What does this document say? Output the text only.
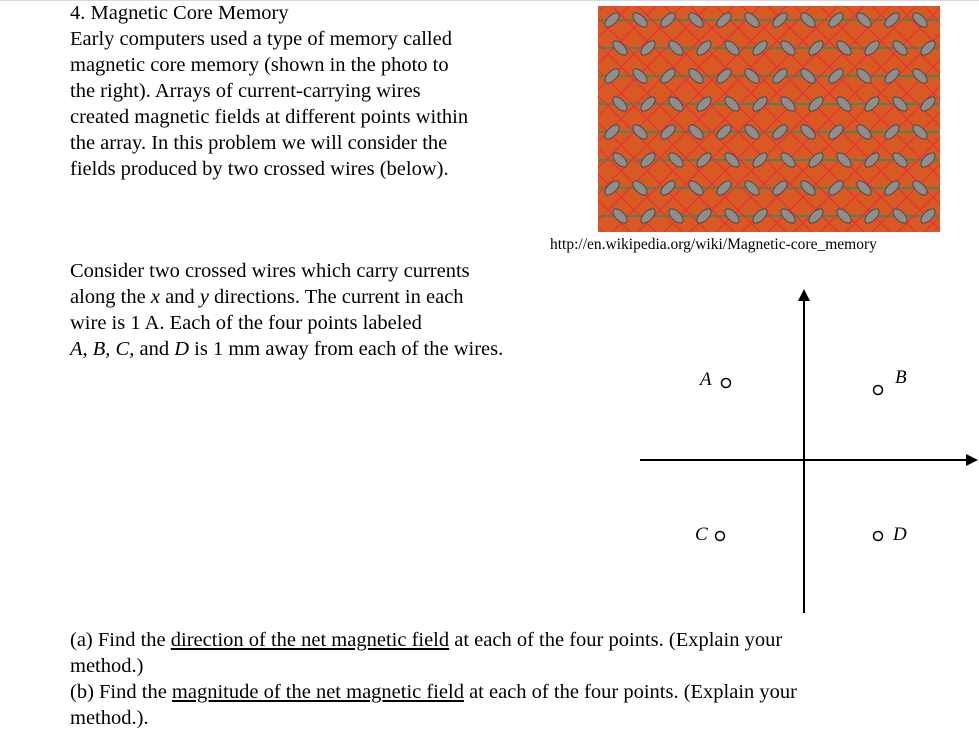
4. Magnetic Core Memory
Early computers used a type of memory called
magnetic core memory (shown in the photo to
the right). Arrays of current-carrying wires
created magnetic fields at different points within
the array. In this problem we will consider the
fields produced by two crossed wires (below).
http://en.wikipedia.org/wiki/Magnetic-core_memory
Consider two crossed wires which carry currents
along the x and y directions. The current in each
wire is 1 A. Each of the four points labeled
A, B, C, and D is 1 mm away from each of the wires.
A	B
C	D
(a) Find the direction of the net magnetic field at each of the four points. (Explain your
method.)
(b) Find the magnitude of the net magnetic field at each of the four points. (Explain your
method.).
